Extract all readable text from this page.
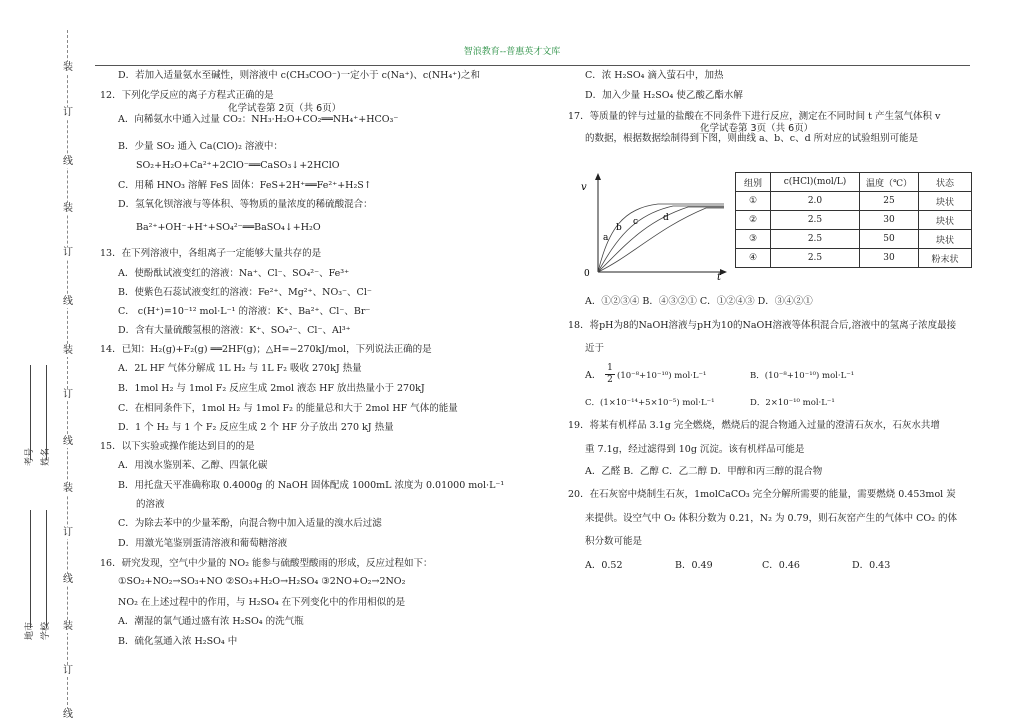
智浪教育--普惠英才文库
装
订
线
装
订
线
装
订
线
装
订
线
装
订
线
考号 姓名
地市 学校
D．若加入适量氨水至碱性，则溶液中 c(CH₃COO⁻)一定小于 c(Na⁺)、c(NH₄⁺)之和
12．下列化学反应的离子方程式正确的是
化学试卷第 2页（共 6页）
A．向稀氨水中通入过量 CO₂：NH₃·H₂O+CO₂══NH₄⁺+HCO₃⁻
B．少量 SO₂ 通入 Ca(ClO)₂ 溶液中：
SO₂+H₂O+Ca²⁺+2ClO⁻══CaSO₃↓+2HClO
C．用稀 HNO₃ 溶解 FeS 固体：FeS+2H⁺══Fe²⁺+H₂S↑
D．氢氧化钡溶液与等体积、等物质的量浓度的稀硫酸混合：
Ba²⁺+OH⁻+H⁺+SO₄²⁻══BaSO₄↓+H₂O
13．在下列溶液中，各组离子一定能够大量共存的是
A．使酚酞试液变红的溶液：Na⁺、Cl⁻、SO₄²⁻、Fe³⁺
B．使紫色石蕊试液变红的溶液：Fe²⁺、Mg²⁺、NO₃⁻、Cl⁻
C． c(H⁺)=10⁻¹² mol·L⁻¹ 的溶液：K⁺、Ba²⁺、Cl⁻、Br⁻
D．含有大量硫酸氢根的溶液：K⁺、SO₄²⁻、Cl⁻、Al³⁺
14．已知：H₂(g)+F₂(g) ══2HF(g)；△H=−270kJ/mol，下列说法正确的是
A．2L HF 气体分解成 1L H₂ 与 1L F₂ 吸收 270kJ 热量
B．1mol H₂ 与 1mol F₂ 反应生成 2mol 液态 HF 放出热量小于 270kJ
C．在相同条件下，1mol H₂ 与 1mol F₂ 的能量总和大于 2mol HF 气体的能量
D．1 个 H₂ 与 1 个 F₂ 反应生成 2 个 HF 分子放出 270 kJ 热量
15．以下实验或操作能达到目的的是
A．用溴水鉴别苯、乙醇、四氯化碳
B．用托盘天平准确称取 0.4000g 的 NaOH 固体配成 1000mL 浓度为 0.01000 mol·L⁻¹
的溶液
C．为除去苯中的少量苯酚，向混合物中加入适量的溴水后过滤
D．用激光笔鉴别蛋清溶液和葡萄糖溶液
16．研究发现，空气中少量的 NO₂ 能参与硫酸型酸雨的形成，反应过程如下：
①SO₂+NO₂→SO₃+NO ②SO₃+H₂O→H₂SO₄ ③2NO+O₂→2NO₂
NO₂ 在上述过程中的作用，与 H₂SO₄ 在下列变化中的作用相似的是
A．潮湿的氯气通过盛有浓 H₂SO₄ 的洗气瓶
B．硫化氢通入浓 H₂SO₄ 中
C．浓 H₂SO₄ 滴入萤石中，加热
D．加入少量 H₂SO₄ 使乙酸乙酯水解
17．等质量的锌与过量的盐酸在不同条件下进行反应，测定在不同时间 t 产生氢气体积 v
化学试卷第 3页（共 6页）
的数据，根据数据绘制得到下图，则曲线 a、b、c、d 所对应的试验组别可能是
v
0	t
a
b
c	d
组别	c(HCl)(mol/L)	温度（℃）	状态
①	2.0	25	块状
②	2.5	30	块状
③	2.5	50	块状
④	2.5	30	粉末状
A．①②③④ B．④③②① C．①②④③ D．③④②①
18．将pH为8的NaOH溶液与pH为10的NaOH溶液等体积混合后,溶液中的氢离子浓度最接
近于
A． $\frac{1}{2} (10^{-8}+10^{-10})$ mol·L⁻¹	B．(10⁻⁸+10⁻¹⁰) mol·L⁻¹
C．(1×10⁻¹⁴+5×10⁻⁵) mol·L⁻¹	D．2×10⁻¹⁰ mol·L⁻¹
19．将某有机样品 3.1g 完全燃烧，燃烧后的混合物通入过量的澄清石灰水，石灰水共增
重 7.1g，经过滤得到 10g 沉淀。该有机样品可能是
A．乙醛 B．乙醇 C．乙二醇 D．甲醇和丙三醇的混合物
20．在石灰窑中烧制生石灰，1molCaCO₃ 完全分解所需要的能量，需要燃烧 0.453mol 炭
来提供。设空气中 O₂ 体积分数为 0.21，N₂ 为 0.79，则石灰窑产生的气体中 CO₂ 的体
积分数可能是
A．0.52	B．0.49	C．0.46	D．0.43
